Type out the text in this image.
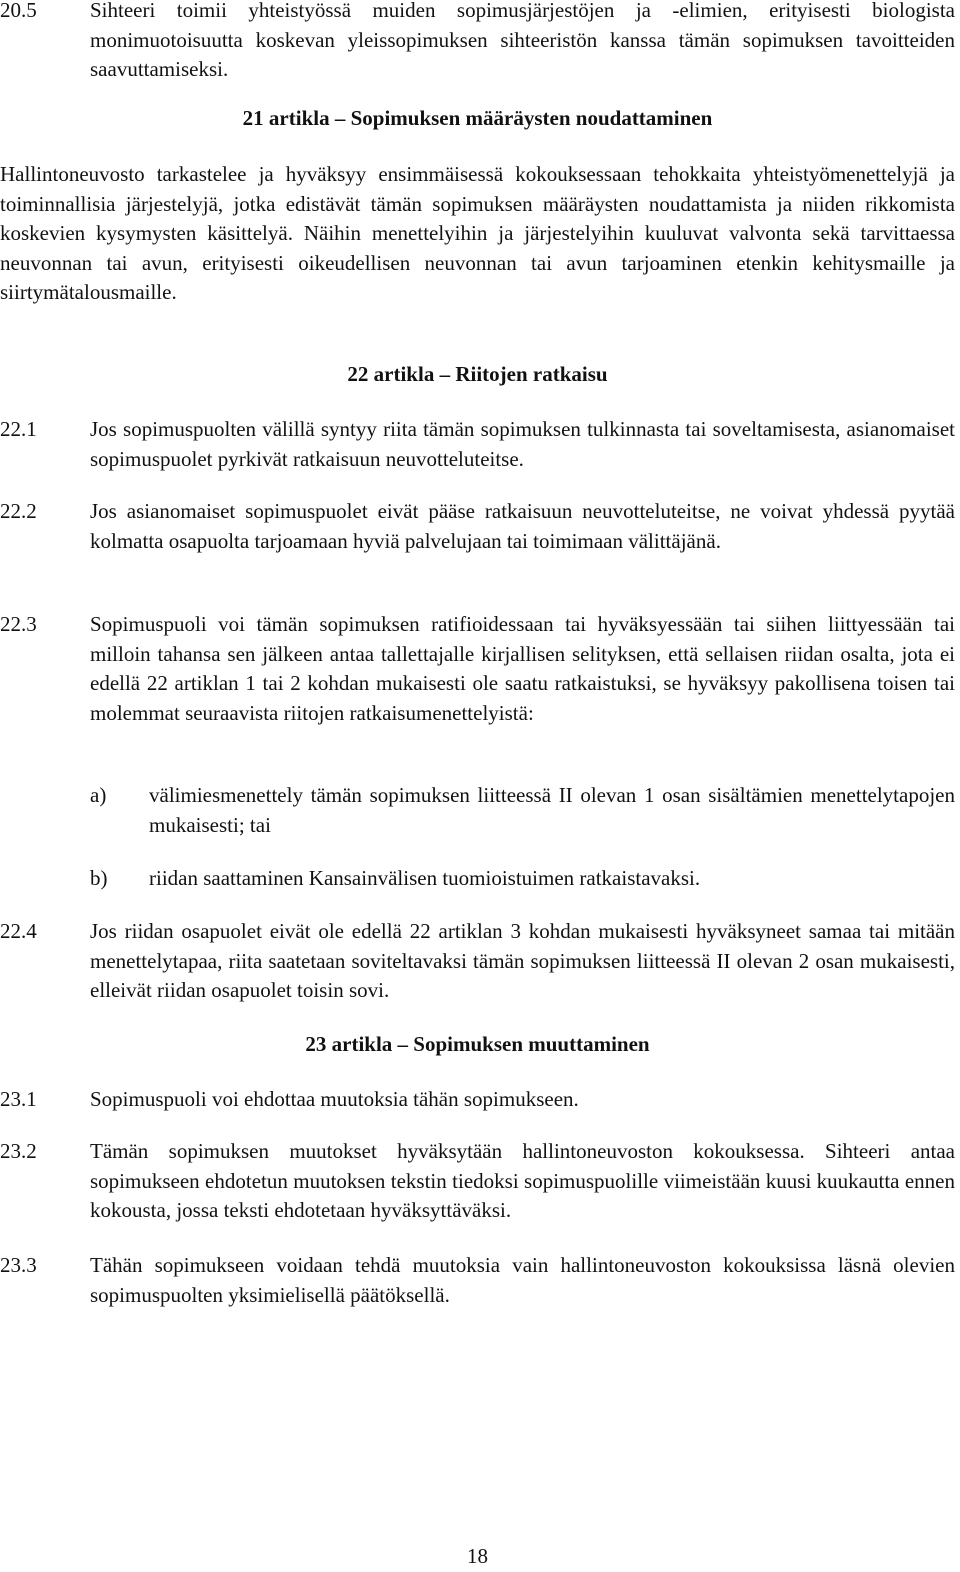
20.5	Sihteeri toimii yhteistyössä muiden sopimusjärjestöjen ja -elimien, erityisesti biologista monimuotoisuutta koskevan yleissopimuksen sihteeristön kanssa tämän sopimuksen tavoitteiden saavuttamiseksi.
21 artikla – Sopimuksen määräysten noudattaminen
Hallintoneuvosto tarkastelee ja hyväksyy ensimmäisessä kokouksessaan tehokkaita yhteistyömenettelyjä ja toiminnallisia järjestelyjä, jotka edistävät tämän sopimuksen määräysten noudattamista ja niiden rikkomista koskevien kysymysten käsittelyä. Näihin menettelyihin ja järjestelyihin kuuluvat valvonta sekä tarvittaessa neuvonnan tai avun, erityisesti oikeudellisen neuvonnan tai avun tarjoaminen etenkin kehitysmaille ja siirtymätalousmaille.
22 artikla – Riitojen ratkaisu
22.1	Jos sopimuspuolten välillä syntyy riita tämän sopimuksen tulkinnasta tai soveltamisesta, asianomaiset sopimuspuolet pyrkivät ratkaisuun neuvotteluteitse.
22.2	Jos asianomaiset sopimuspuolet eivät pääse ratkaisuun neuvotteluteitse, ne voivat yhdessä pyytää kolmatta osapuolta tarjoamaan hyviä palvelujaan tai toimimaan välittäjänä.
22.3	Sopimuspuoli voi tämän sopimuksen ratifioidessaan tai hyväksyessään tai siihen liittyessään tai milloin tahansa sen jälkeen antaa tallettajalle kirjallisen selityksen, että sellaisen riidan osalta, jota ei edellä 22 artiklan 1 tai 2 kohdan mukaisesti ole saatu ratkaistuksi, se hyväksyy pakollisena toisen tai molemmat seuraavista riitojen ratkaisumenettelyistä:
a)	välimiesmenettely tämän sopimuksen liitteessä II olevan 1 osan sisältämien menettelytapojen mukaisesti; tai
b)	riidan saattaminen Kansainvälisen tuomioistuimen ratkaistavaksi.
22.4	Jos riidan osapuolet eivät ole edellä 22 artiklan 3 kohdan mukaisesti hyväksyneet samaa tai mitään menettelytapaa, riita saatetaan soviteltavaksi tämän sopimuksen liitteessä II olevan 2 osan mukaisesti, elleivät riidan osapuolet toisin sovi.
23 artikla – Sopimuksen muuttaminen
23.1	Sopimuspuoli voi ehdottaa muutoksia tähän sopimukseen.
23.2	Tämän sopimuksen muutokset hyväksytään hallintoneuvoston kokouksessa. Sihteeri antaa sopimukseen ehdotetun muutoksen tekstin tiedoksi sopimuspuolille viimeistään kuusi kuukautta ennen kokousta, jossa teksti ehdotetaan hyväksyttäväksi.
23.3	Tähän sopimukseen voidaan tehdä muutoksia vain hallintoneuvoston kokouksissa läsnä olevien sopimuspuolten yksimielisellä päätöksellä.
18
